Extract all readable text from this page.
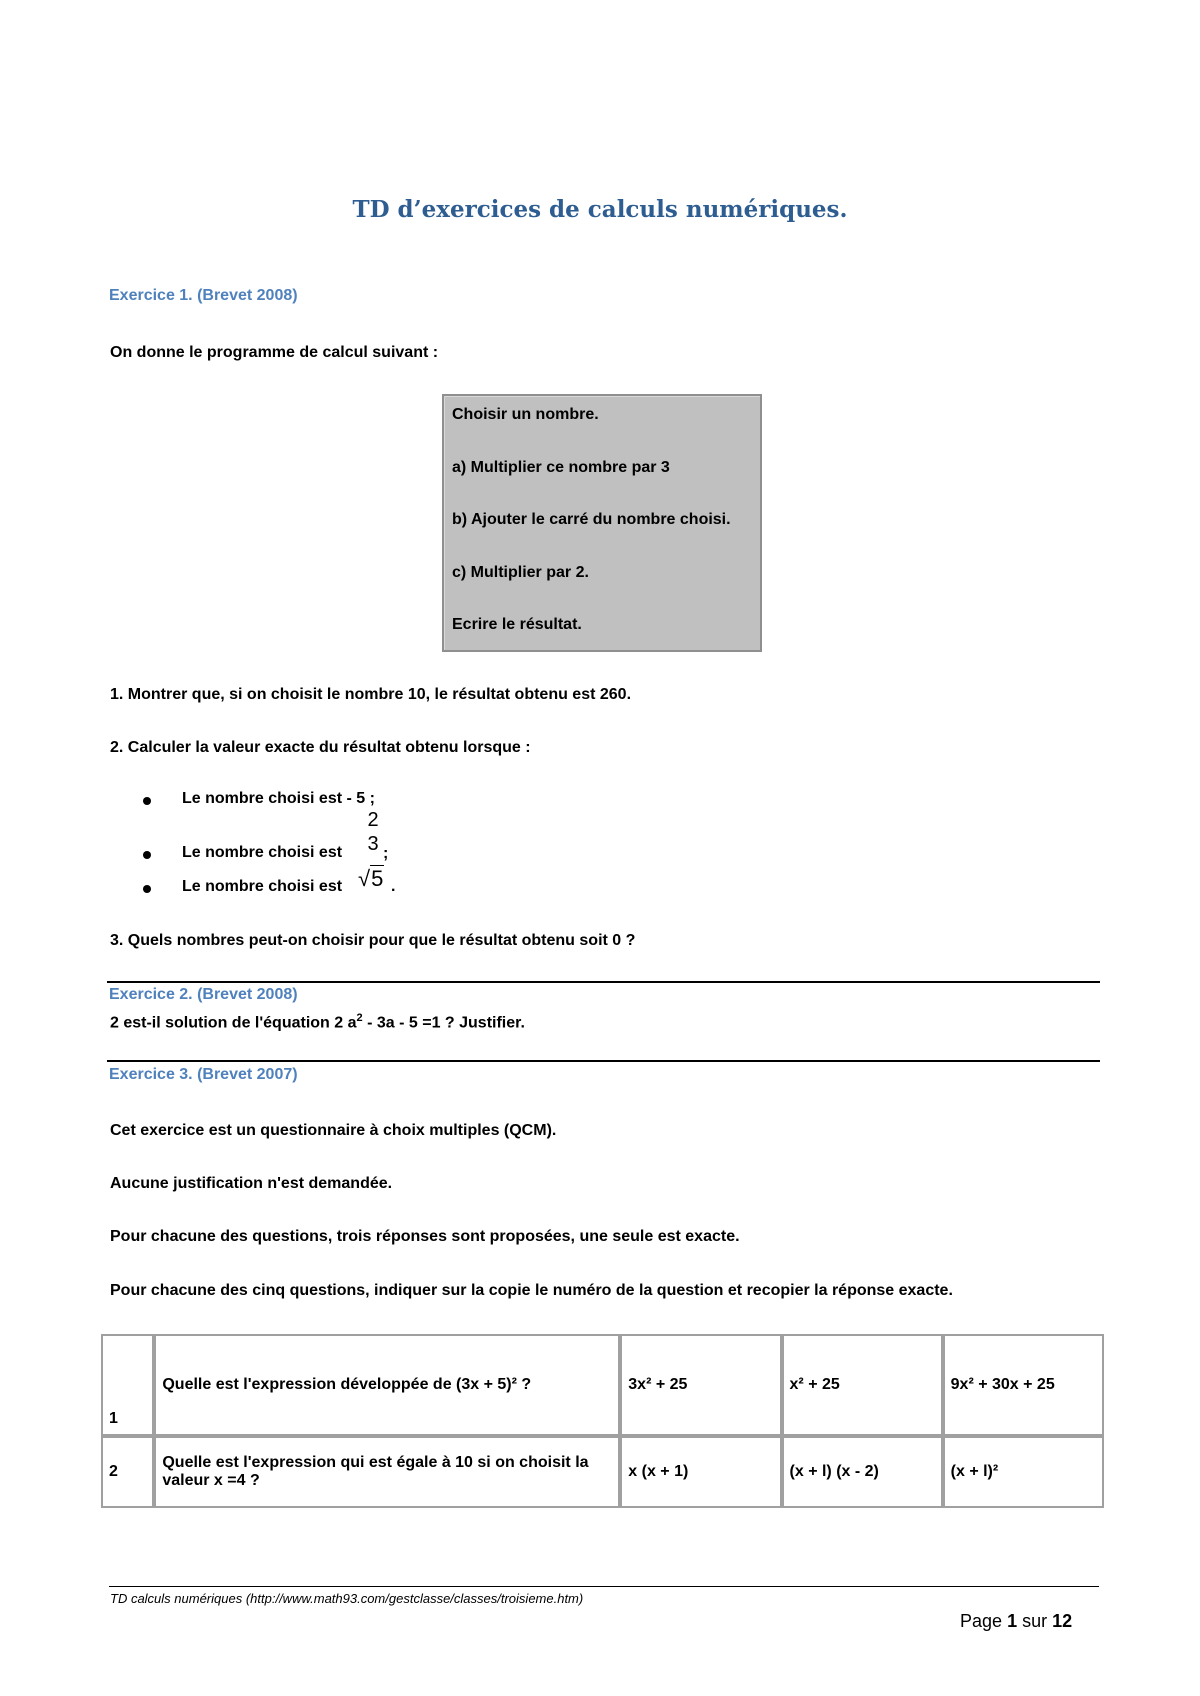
TD d’exercices de calculs numériques.
Exercice 1. (Brevet 2008)
On donne le programme de calcul suivant :
Choisir un nombre.
a) Multiplier ce nombre par 3
b) Ajouter le carré du nombre choisi.
c) Multiplier par 2.
Ecrire le résultat.
1. Montrer que, si on choisit le nombre 10, le résultat obtenu est 260.
2. Calculer la valeur exacte du résultat obtenu lorsque :
Le nombre choisi est - 5 ;
Le nombre choisi est
2
3 ;
Le nombre choisi est √5 .
3. Quels nombres peut-on choisir pour que le résultat obtenu soit 0 ?
Exercice 2. (Brevet 2008)
2 est-il solution de l'équation 2 $a^2 - 3a - 5 =1$ ? Justifier.
Exercice 3. (Brevet 2007)
Cet exercice est un questionnaire à choix multiples (QCM).
Aucune justification n'est demandée.
Pour chacune des questions, trois réponses sont proposées, une seule est exacte.
Pour chacune des cinq questions, indiquer sur la copie le numéro de la question et recopier la réponse exacte.
1	Quelle est l'expression développée de (3x + 5)² ?	3x² + 25	x² + 25	9x² + 30x + 25
2	Quelle est l'expression qui est égale à 10 si on choisit la valeur x =4 ?	x (x + 1)	(x + l) (x - 2)	(x + l)²
TD calculs numériques (http://www.math93.com/gestclasse/classes/troisieme.htm)
Page 1 sur 12
